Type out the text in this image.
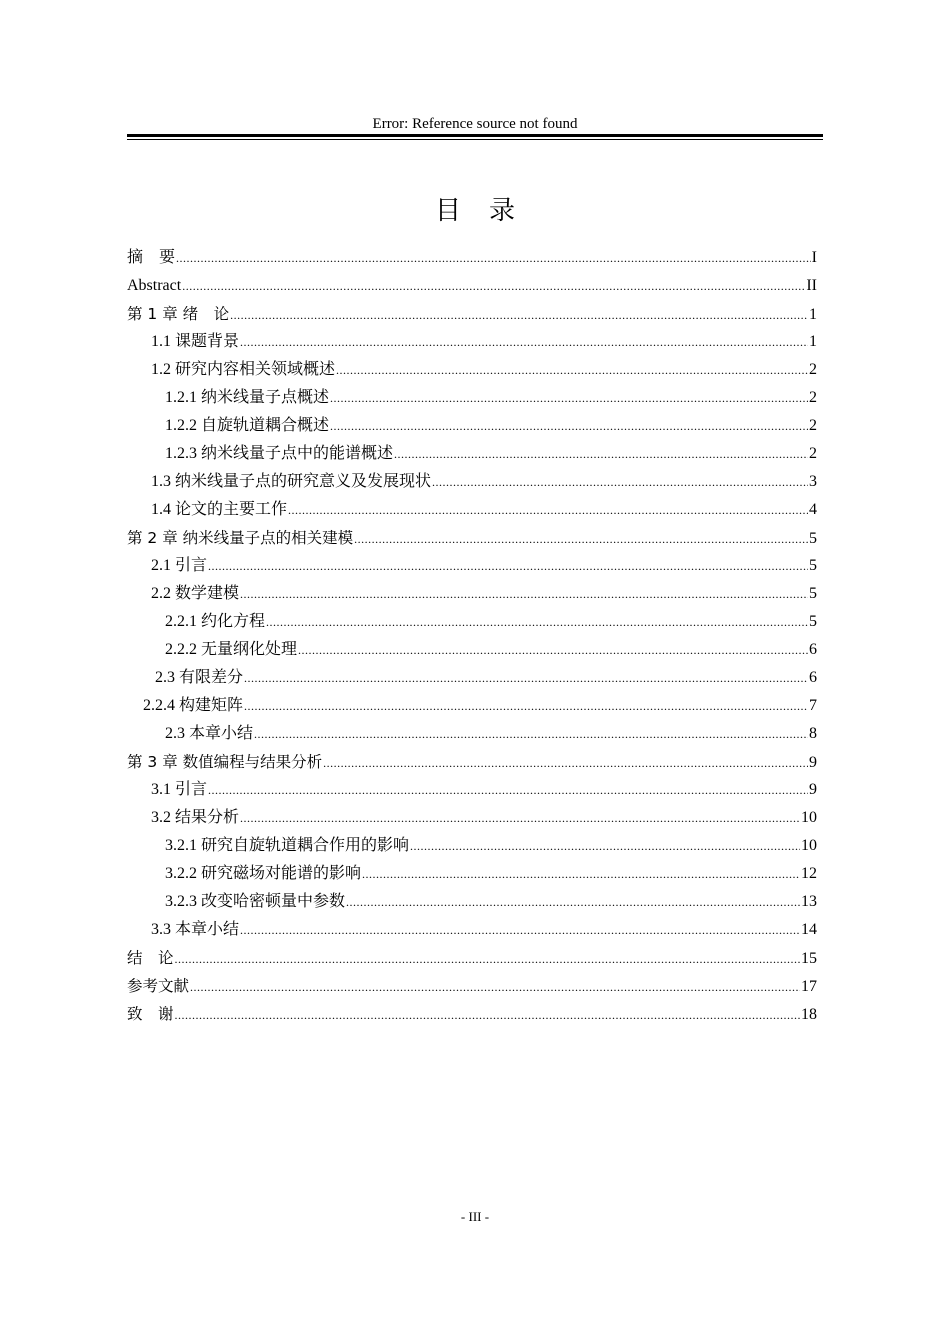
Error: Reference source not found
目录
摘　要 .....	I
Abstract .....	II
第 1 章 绪　论 .....	1
1.1 课题背景 .....	1
1.2 研究内容相关领域概述 .....	2
1.2.1 纳米线量子点概述 .....	2
1.2.2 自旋轨道耦合概述 .....	2
1.2.3 纳米线量子点中的能谱概述 .....	2
1.3 纳米线量子点的研究意义及发展现状 .....	3
1.4 论文的主要工作 .....	4
第 2 章 纳米线量子点的相关建模 .....	5
2.1 引言 .....	5
2.2 数学建模 .....	5
2.2.1 约化方程 .....	5
2.2.2 无量纲化处理 .....	6
2.3 有限差分 .....	6
2.2.4 构建矩阵 .....	7
2.3 本章小结 .....	8
第 3 章 数值编程与结果分析 .....	9
3.1 引言 .....	9
3.2 结果分析 .....	10
3.2.1 研究自旋轨道耦合作用的影响 .....	10
3.2.2 研究磁场对能谱的影响 .....	12
3.2.3 改变哈密顿量中参数 .....	13
3.3 本章小结 .....	14
结　论 .....	15
参考文献 .....	17
致　谢 .....	18
- III -
